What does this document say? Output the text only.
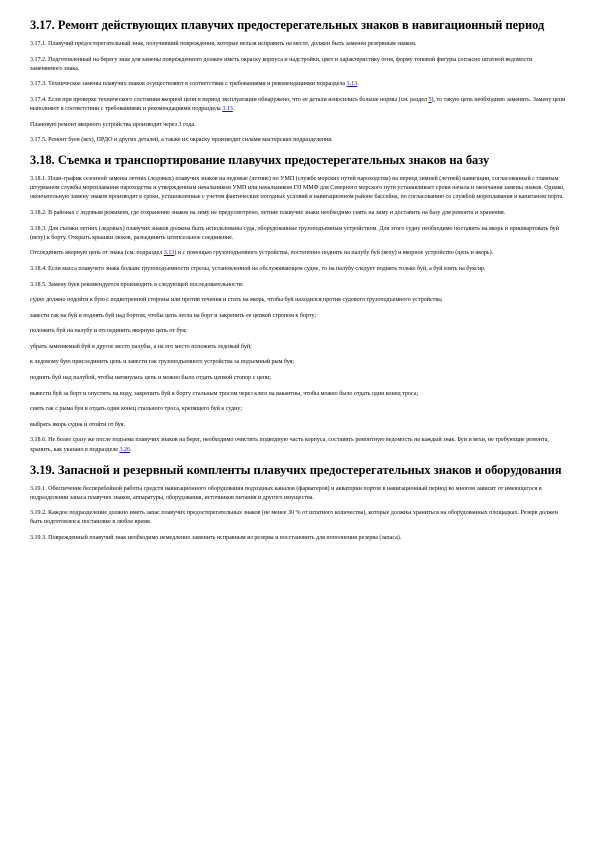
3.17. Ремонт действующих плавучих предостерегательных знаков в навигационный период

3.17.1. Плавучий предостерегательный знак, получивший повреждения, которые нельзя исправить на месте, должен быть заменен резервным знаком.

3.17.2. Подготовленный на берегу знак для замены поврежденного должен иметь окраску корпуса и надстройки, цвет и характеристику огня, форму топовой фигуры согласно штатной ведомости заменяемого знака.

3.17.3. Техническое замены плавучих знаков осуществляют в соответствии с требованиями и рекомендациями подраздела 3.13.

3.17.4. Если при проверке технического состояния якорной цепи в период эксплуатации обнаружено, что ее детали износились больше нормы (см. раздел 5), то такую цепь необходимо заменить. Замену цепи выполняют в соответствии с требованиями и рекомендациями подраздела 3.13.

Плановую ремонт якорного устройства производят через 3 года.

3.17.5. Ремонт буев (вех), ПРДО и других деталей, а также их окраску производят силами мастерских подразделения.

3.18. Съемка и транспортирование плавучих предостерегательных знаков на базу

3.18.1. План-график сезонной замены летних (ледовых) плавучих знаков на ледовые (летние) по УМП (службе морских путей пароходства) на период зимней (летней) навигации, согласованный с главным штурманом службы мореплавания пароходства и утвержденным начальником УМП или начальником ГП ММФ для Северного морского пути устанавливает сроки начала и окончания замены знаков. Однако, окончательную замену знаков производят в сроки, установленные с учетом фактических погодных условий в навигационном районе бассейна, по согласованию со службой мореплавания и капитаном порта.

3.18.2. В районах с ледовым режимом, где сохранение знаков на зиму не предусмотрено, летние плавучие знаки необходимо снять на зиму и доставить на базу для ремонта и хранения.

3.18.3. Для съемки летних (ледовых) плавучих знаков должны быть использованы суда, оборудованные грузоподъемным устройством. Для этого судну необходимо поставить на якорь и пришвартовать буй (веху) к борту. Открыть крышки люков, разъединить штепсельное соединение.

Отсоединить якорную цепь от знака (см. подраздел 3.13) и с помощью грузоподъемного устройства, постепенно поднять на палубу буй (веху) и якорное устройство (цепь и якорь).

3.18.4. Если масса плавучего знака больше грузоподъемности стрелы, установленной на обслуживающем судне, то на палубу следует поднять только буй, а буй взять на буксир.

3.18.5. Замену буев рекомендуется производить в следующей последовательности:

судно должно подойти к бую с подветренной стороны или против течения и стать на якорь, чтобы буй находился против судового грузоподъемного устройства;

завести гак на буй и поднять буй над бортом, чтобы цепь легла на борт и закрепить ее цепкой стропом к борту;

положить буй на палубу и отсоединить якорную цепь от буя;

убрать заменяемый буй в другое место палубы, а на его место положить ледовый буй;

к ледовому бую присоединить цепь и завести гак грузоподъемного устройства за подъемный рым буя;

поднять буй над палубой, чтобы натянулась цепь и можно было отдать цепкой стопор с цепи;

вывести буй за борт и опустить на воду, закрепить буй к борту стальным тросом через клюз на вакантны, чтобы можно было отдать один конец троса;

снять гак с рыма буя и отдать один конец стального троса, крепящего буй к судну;

выбрать якорь судна и отойти от буя.

3.18.6. Не более сразу же после подъема плавучих знаков на берег, необходимо очистить подводную часть корпуса, составить ремонтную ведомость на каждый знак. Буи и вехи, не требующие ремонта, хранить, как указано в подразделе 3.26.

3.19. Запасной и резервный компленты плавучих предостерегательных знаков и оборудования

3.19.1. Обеспечение бесперебойной работы средств навигационного оборудования подходных каналов (фарватеров) и акватории портов в навигационный период во многом зависит от имеющегося в подразделении запаса плавучих знаков, аппаратуры, оборудования, источников питания и другого имущества.

3.19.2. Каждое подразделение должно иметь запас плавучих предостерегательных знаков (не менее 30 % от штатного количества), которые должны храниться на оборудованных площадках. Резерв должен быть подготовлен к постановке в любое время.

3.19.3. Поврежденный плавучий знак необходимо немедленно заменить исправным из резерва и восстановить для пополнения резерва (запаса).
